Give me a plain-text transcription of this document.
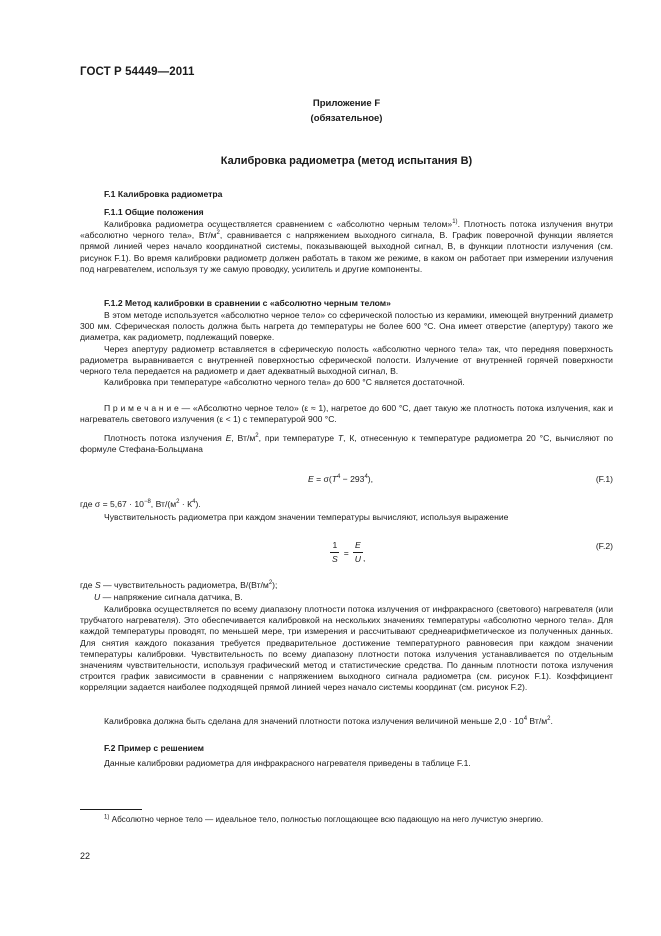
ГОСТ Р 54449—2011
Приложение F
(обязательное)
Калибровка радиометра (метод испытания В)
F.1 Калибровка радиометра
F.1.1 Общие положения

Калибровка радиометра осуществляется сравнением с «абсолютно черным телом»$^{1)}$. Плотность потока излучения внутри «абсолютно черного тела», $Вт/м^2$, сравнивается с напряжением выходного сигнала, В. График поверочной функции является прямой линией через начало координатной системы, показывающей выходной сигнал, В, в функции плотности излучения (см. рисунок F.1). Во время калибровки радиометр должен работать в таком же режиме, в каком он работает при измерении излучения под нагревателем, используя ту же самую проводку, усилитель и другие компоненты.

F.1.2 Метод калибровки в сравнении с «абсолютно черным телом»

В этом методе используется «абсолютно черное тело» со сферической полостью из керамики, имеющей внутренний диаметр 300 мм. Сферическая полость должна быть нагрета до температуры не более 600 °С. Она имеет отверстие (апертуру) такого же диаметра, как радиометр, подлежащий поверке.

Через апертуру радиометр вставляется в сферическую полость «абсолютно черного тела» так, что передняя поверхность радиометра выравнивается с внутренней поверхностью сферической полости. Излучение от внутренней горячей поверхности черного тела передается на радиометр и дает адекватный выходной сигнал, В.

Калибровка при температуре «абсолютно черного тела» до 600 °С является достаточной.

П р и м е ч а н и е — «Абсолютно черное тело» (ε ≈ 1), нагретое до 600 °С, дает такую же плотность потока излучения, как и нагреватель светового излучения (ε < 1) с температурой 900 °С.

Плотность потока излучения Е, $Вт/м^2$, при температуре Т, К, отнесенную к температуре радиометра 20 °С, вычисляют по формуле Стефана-Больцмана

$Е = \sigma(Т^4 - 293^4)$,	(F.1)
где $\sigma = 5,67 \cdot 10^{-8}$, $Вт/(м^2 \cdot К^4)$.

Чувствительность радиометра при каждом значении температуры вычисляют, используя выражение

$\frac{1}{S} = \frac{Е}{U}$ ,
(F.2)
где S — чувствительность радиометра, $В/(Вт/м^2)$;
U — напряжение сигнала датчика, В.

Калибровка осуществляется по всему диапазону плотности потока излучения от инфракрасного (светового) нагревателя (или трубчатого нагревателя). Это обеспечивается калибровкой на нескольких значениях температуры «абсолютно черного тела». Для каждой температуры проводят, по меньшей мере, три измерения и рассчитывают среднеарифметическое из полученных данных. Для снятия каждого показания требуется предварительное достижение температурного равновесия при каждом значении температуры калибровки. Чувствительность по всему диапазону плотности потока излучения устанавливается по отдельным значениям чувствительности, используя графический метод и статистические средства. По данным плотности потока излучения строится график зависимости в сравнении с напряжением выходного сигнала радиометра (см. рисунок F.1). Коэффициент корреляции задается наиболее подходящей прямой линией через начало системы координат (см. рисунок F.2).

Калибровка должна быть сделана для значений плотности потока излучения величиной меньше $2,0 \cdot 10^4$ $Вт/м^2$.

F.2 Пример с решением

Данные калибровки радиометра для инфракрасного нагревателя приведены в таблице F.1.

$^{1)}$ Абсолютно черное тело — идеальное тело, полностью поглощающее всю падающую на него лучистую энергию.

22
